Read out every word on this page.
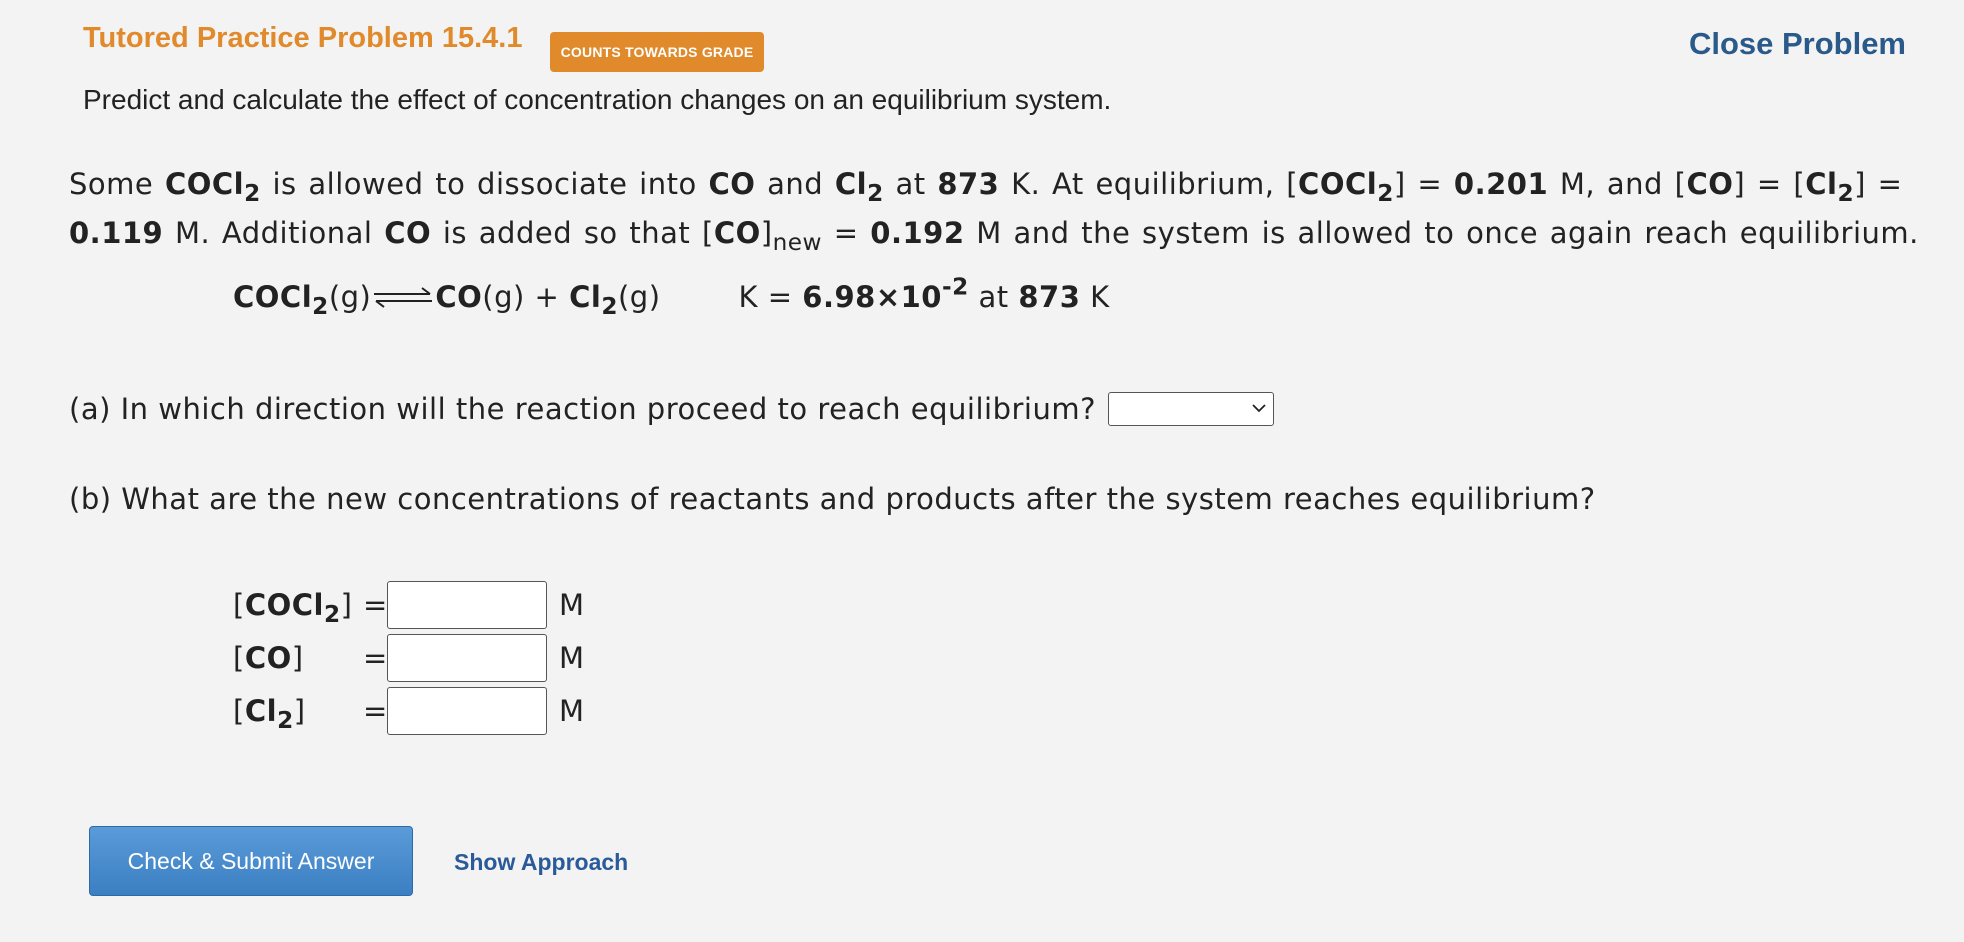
Tutored Practice Problem 15.4.1	COUNTS TOWARDS GRADE	Close Problem
Predict and calculate the effect of concentration changes on an equilibrium system.
Some COCl$_2$ is allowed to dissociate into CO and $Cl_2$ at 873 K. At equilibrium, [COCl$_2$] = 0.201 M, and $[CO] = [Cl_2]$ =
0.119 M. Additional CO is added so that $[CO]_{new} = 0.192$ M and the system is allowed to once again reach equilibrium.
COCl $_2$ (g) ⇌ CO (g) + Cl $_2$ (g)	K = 6.98×10 $^{-2}$ at 873 K
(a) In which direction will the reaction proceed to reach equilibrium?
(b) What are the new concentrations of reactants and products after the system reaches equilibrium?
[COCl$_2$] =	M
[CO]	=	M
$[Cl_2]$	=	M
Check & Submit Answer	Show Approach
